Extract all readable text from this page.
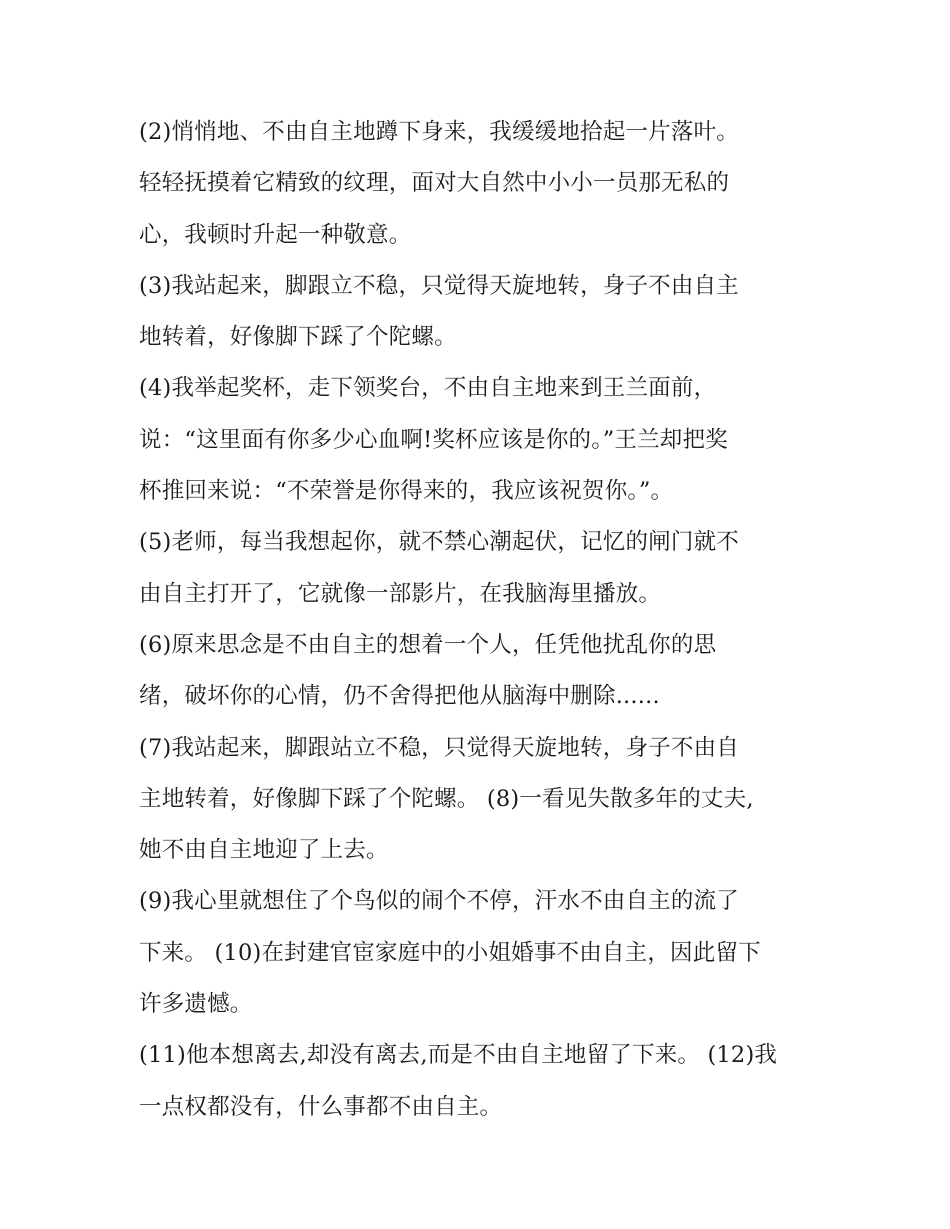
(2)悄悄地、不由自主地蹲下身来，我缓缓地拾起一片落叶。
轻轻抚摸着它精致的纹理，面对大自然中小小一员那无私的
心，我顿时升起一种敬意。
(3)我站起来，脚跟立不稳，只觉得天旋地转，身子不由自主
地转着，好像脚下踩了个陀螺。
(4)我举起奖杯，走下领奖台，不由自主地来到王兰面前，
说：“这里面有你多少心血啊!奖杯应该是你的。”王兰却把奖
杯推回来说：“不荣誉是你得来的，我应该祝贺你。”。
(5)老师，每当我想起你，就不禁心潮起伏，记忆的闸门就不
由自主打开了，它就像一部影片，在我脑海里播放。
(6)原来思念是不由自主的想着一个人，任凭他扰乱你的思
绪，破坏你的心情，仍不舍得把他从脑海中删除......
(7)我站起来，脚跟站立不稳，只觉得天旋地转，身子不由自
主地转着，好像脚下踩了个陀螺。 (8)一看见失散多年的丈夫,
她不由自主地迎了上去。
(9)我心里就想住了个鸟似的闹个不停，汗水不由自主的流了
下来。 (10)在封建官宦家庭中的小姐婚事不由自主，因此留下
许多遗憾。
(11)他本想离去,却没有离去,而是不由自主地留了下来。 (12)我
一点权都没有，什么事都不由自主。
